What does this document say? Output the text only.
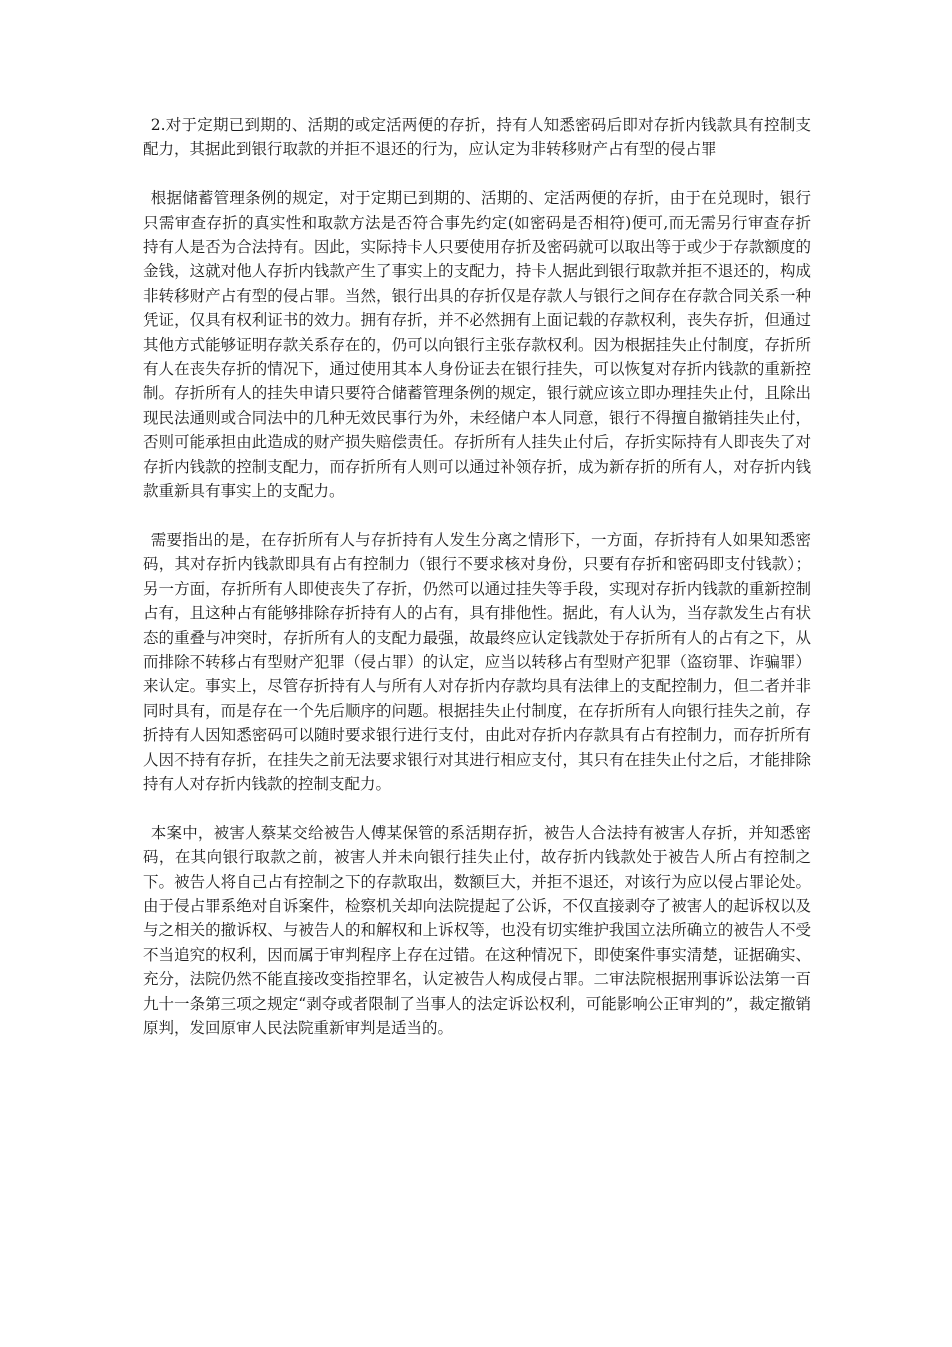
2.对于定期已到期的、活期的或定活两便的存折，持有人知悉密码后即对存折内钱款具有控制支配力，其据此到银行取款的并拒不退还的行为，应认定为非转移财产占有型的侵占罪

根据储蓄管理条例的规定，对于定期已到期的、活期的、定活两便的存折，由于在兑现时，银行只需审查存折的真实性和取款方法是否符合事先约定(如密码是否相符)便可,而无需另行审查存折持有人是否为合法持有。因此，实际持卡人只要使用存折及密码就可以取出等于或少于存款额度的金钱，这就对他人存折内钱款产生了事实上的支配力，持卡人据此到银行取款并拒不退还的，构成非转移财产占有型的侵占罪。当然，银行出具的存折仅是存款人与银行之间存在存款合同关系一种凭证，仅具有权利证书的效力。拥有存折，并不必然拥有上面记载的存款权利，丧失存折，但通过其他方式能够证明存款关系存在的，仍可以向银行主张存款权利。因为根据挂失止付制度，存折所有人在丧失存折的情况下，通过使用其本人身份证去在银行挂失，可以恢复对存折内钱款的重新控制。存折所有人的挂失申请只要符合储蓄管理条例的规定，银行就应该立即办理挂失止付，且除出现民法通则或合同法中的几种无效民事行为外，未经储户本人同意，银行不得擅自撤销挂失止付，否则可能承担由此造成的财产损失赔偿责任。存折所有人挂失止付后，存折实际持有人即丧失了对存折内钱款的控制支配力，而存折所有人则可以通过补领存折，成为新存折的所有人，对存折内钱款重新具有事实上的支配力。

需要指出的是，在存折所有人与存折持有人发生分离之情形下，一方面，存折持有人如果知悉密码，其对存折内钱款即具有占有控制力（银行不要求核对身份，只要有存折和密码即支付钱款）；另一方面，存折所有人即使丧失了存折，仍然可以通过挂失等手段，实现对存折内钱款的重新控制占有，且这种占有能够排除存折持有人的占有，具有排他性。据此，有人认为，当存款发生占有状态的重叠与冲突时，存折所有人的支配力最强，故最终应认定钱款处于存折所有人的占有之下，从而排除不转移占有型财产犯罪（侵占罪）的认定，应当以转移占有型财产犯罪（盗窃罪、诈骗罪）来认定。事实上，尽管存折持有人与所有人对存折内存款均具有法律上的支配控制力，但二者并非同时具有，而是存在一个先后顺序的问题。根据挂失止付制度，在存折所有人向银行挂失之前，存折持有人因知悉密码可以随时要求银行进行支付，由此对存折内存款具有占有控制力，而存折所有人因不持有存折，在挂失之前无法要求银行对其进行相应支付，其只有在挂失止付之后，才能排除持有人对存折内钱款的控制支配力。

本案中，被害人蔡某交给被告人傅某保管的系活期存折，被告人合法持有被害人存折，并知悉密码，在其向银行取款之前，被害人并未向银行挂失止付，故存折内钱款处于被告人所占有控制之下。被告人将自己占有控制之下的存款取出，数额巨大，并拒不退还，对该行为应以侵占罪论处。由于侵占罪系绝对自诉案件，检察机关却向法院提起了公诉，不仅直接剥夺了被害人的起诉权以及与之相关的撤诉权、与被告人的和解权和上诉权等，也没有切实维护我国立法所确立的被告人不受不当追究的权利，因而属于审判程序上存在过错。在这种情况下，即使案件事实清楚，证据确实、充分，法院仍然不能直接改变指控罪名，认定被告人构成侵占罪。二审法院根据刑事诉讼法第一百九十一条第三项之规定“剥夺或者限制了当事人的法定诉讼权利，可能影响公正审判的”，裁定撤销原判，发回原审人民法院重新审判是适当的。
